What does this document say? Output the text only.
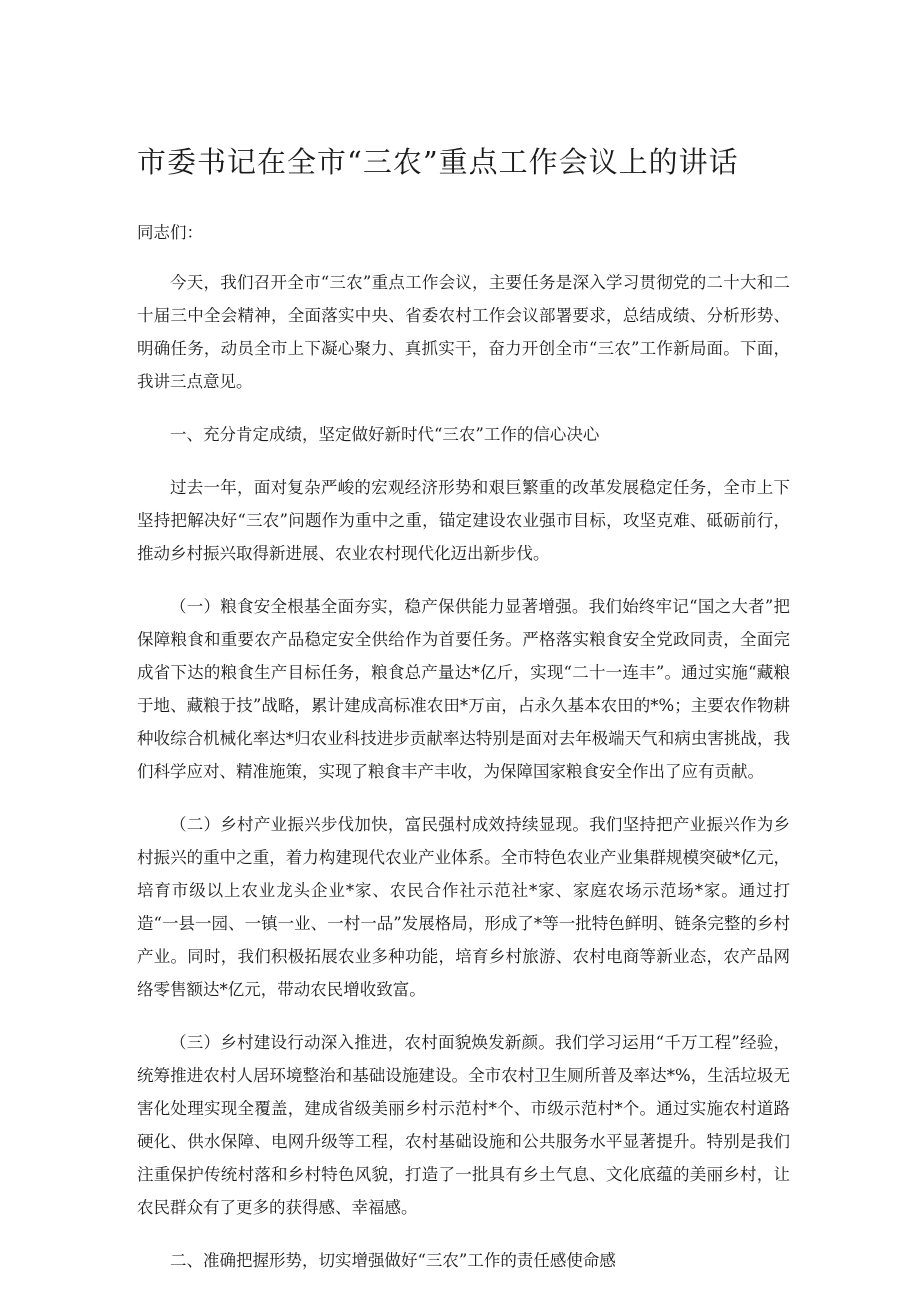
市委书记在全市“三农”重点工作会议上的讲话

同志们：

今天，我们召开全市“三农”重点工作会议，主要任务是深入学习贯彻党的二十大和二十届三中全会精神，全面落实中央、省委农村工作会议部署要求，总结成绩、分析形势、明确任务，动员全市上下凝心聚力、真抓实干，奋力开创全市“三农”工作新局面。下面，我讲三点意见。

一、充分肯定成绩，坚定做好新时代“三农”工作的信心决心

过去一年，面对复杂严峻的宏观经济形势和艰巨繁重的改革发展稳定任务，全市上下坚持把解决好“三农”问题作为重中之重，锚定建设农业强市目标，攻坚克难、砥砺前行，推动乡村振兴取得新进展、农业农村现代化迈出新步伐。

（一）粮食安全根基全面夯实，稳产保供能力显著增强。我们始终牢记“国之大者”把保障粮食和重要农产品稳定安全供给作为首要任务。严格落实粮食安全党政同责，全面完成省下达的粮食生产目标任务，粮食总产量达*亿斤，实现“二十一连丰”。通过实施“藏粮于地、藏粮于技”战略，累计建成高标准农田*万亩，占永久基本农田的*%；主要农作物耕种收综合机械化率达*归农业科技进步贡献率达特别是面对去年极端天气和病虫害挑战，我们科学应对、精准施策，实现了粮食丰产丰收，为保障国家粮食安全作出了应有贡献。

（二）乡村产业振兴步伐加快，富民强村成效持续显现。我们坚持把产业振兴作为乡村振兴的重中之重，着力构建现代农业产业体系。全市特色农业产业集群规模突破*亿元，培育市级以上农业龙头企业*家、农民合作社示范社*家、家庭农场示范场*家。通过打造“一县一园、一镇一业、一村一品”发展格局，形成了*等一批特色鲜明、链条完整的乡村产业。同时，我们积极拓展农业多种功能，培育乡村旅游、农村电商等新业态，农产品网络零售额达*亿元，带动农民增收致富。

（三）乡村建设行动深入推进，农村面貌焕发新颜。我们学习运用“千万工程”经验，统筹推进农村人居环境整治和基础设施建设。全市农村卫生厕所普及率达*%，生活垃圾无害化处理实现全覆盖，建成省级美丽乡村示范村*个、市级示范村*个。通过实施农村道路硬化、供水保障、电网升级等工程，农村基础设施和公共服务水平显著提升。特别是我们注重保护传统村落和乡村特色风貌，打造了一批具有乡土气息、文化底蕴的美丽乡村，让农民群众有了更多的获得感、幸福感。

二、准确把握形势，切实增强做好“三农”工作的责任感使命感
